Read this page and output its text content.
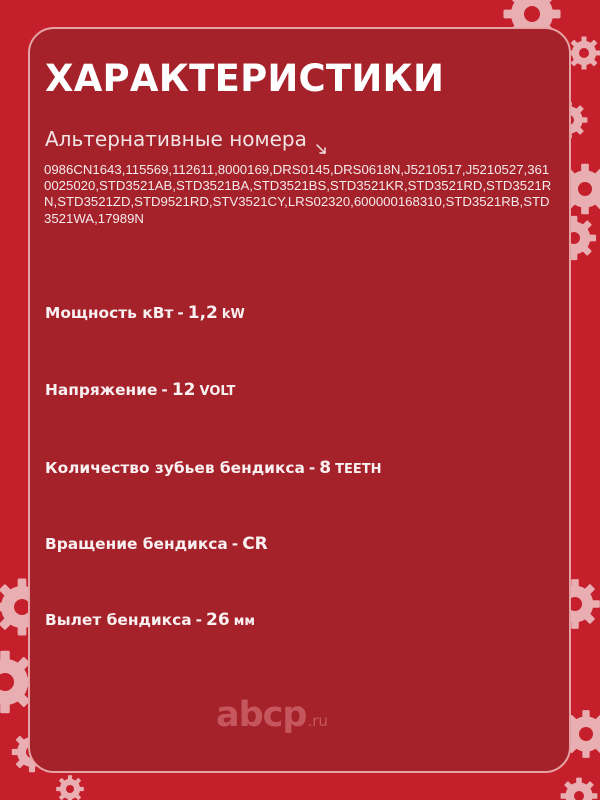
ХАРАКТЕРИСТИКИ
Альтернативные номера

0986CN1643,115569,112611,8000169,DRS0145,DRS0618N,J5210517,J5210527,3610025020,STD3521AB,STD3521BA,STD3521BS,STD3521KR,STD3521RD,STD3521RN,STD3521ZD,STD9521RD,STV3521CY,LRS02320,600000168310,STD3521RB,STD3521WA,17989N

Мощность кВт - 1,2 kW
Напряжение - 12 VOLT
Количество зубьев бендикса - 8 TEETH
Вращение бендикса - CR
Вылет бендикса - 26 мм
abcp .ru
